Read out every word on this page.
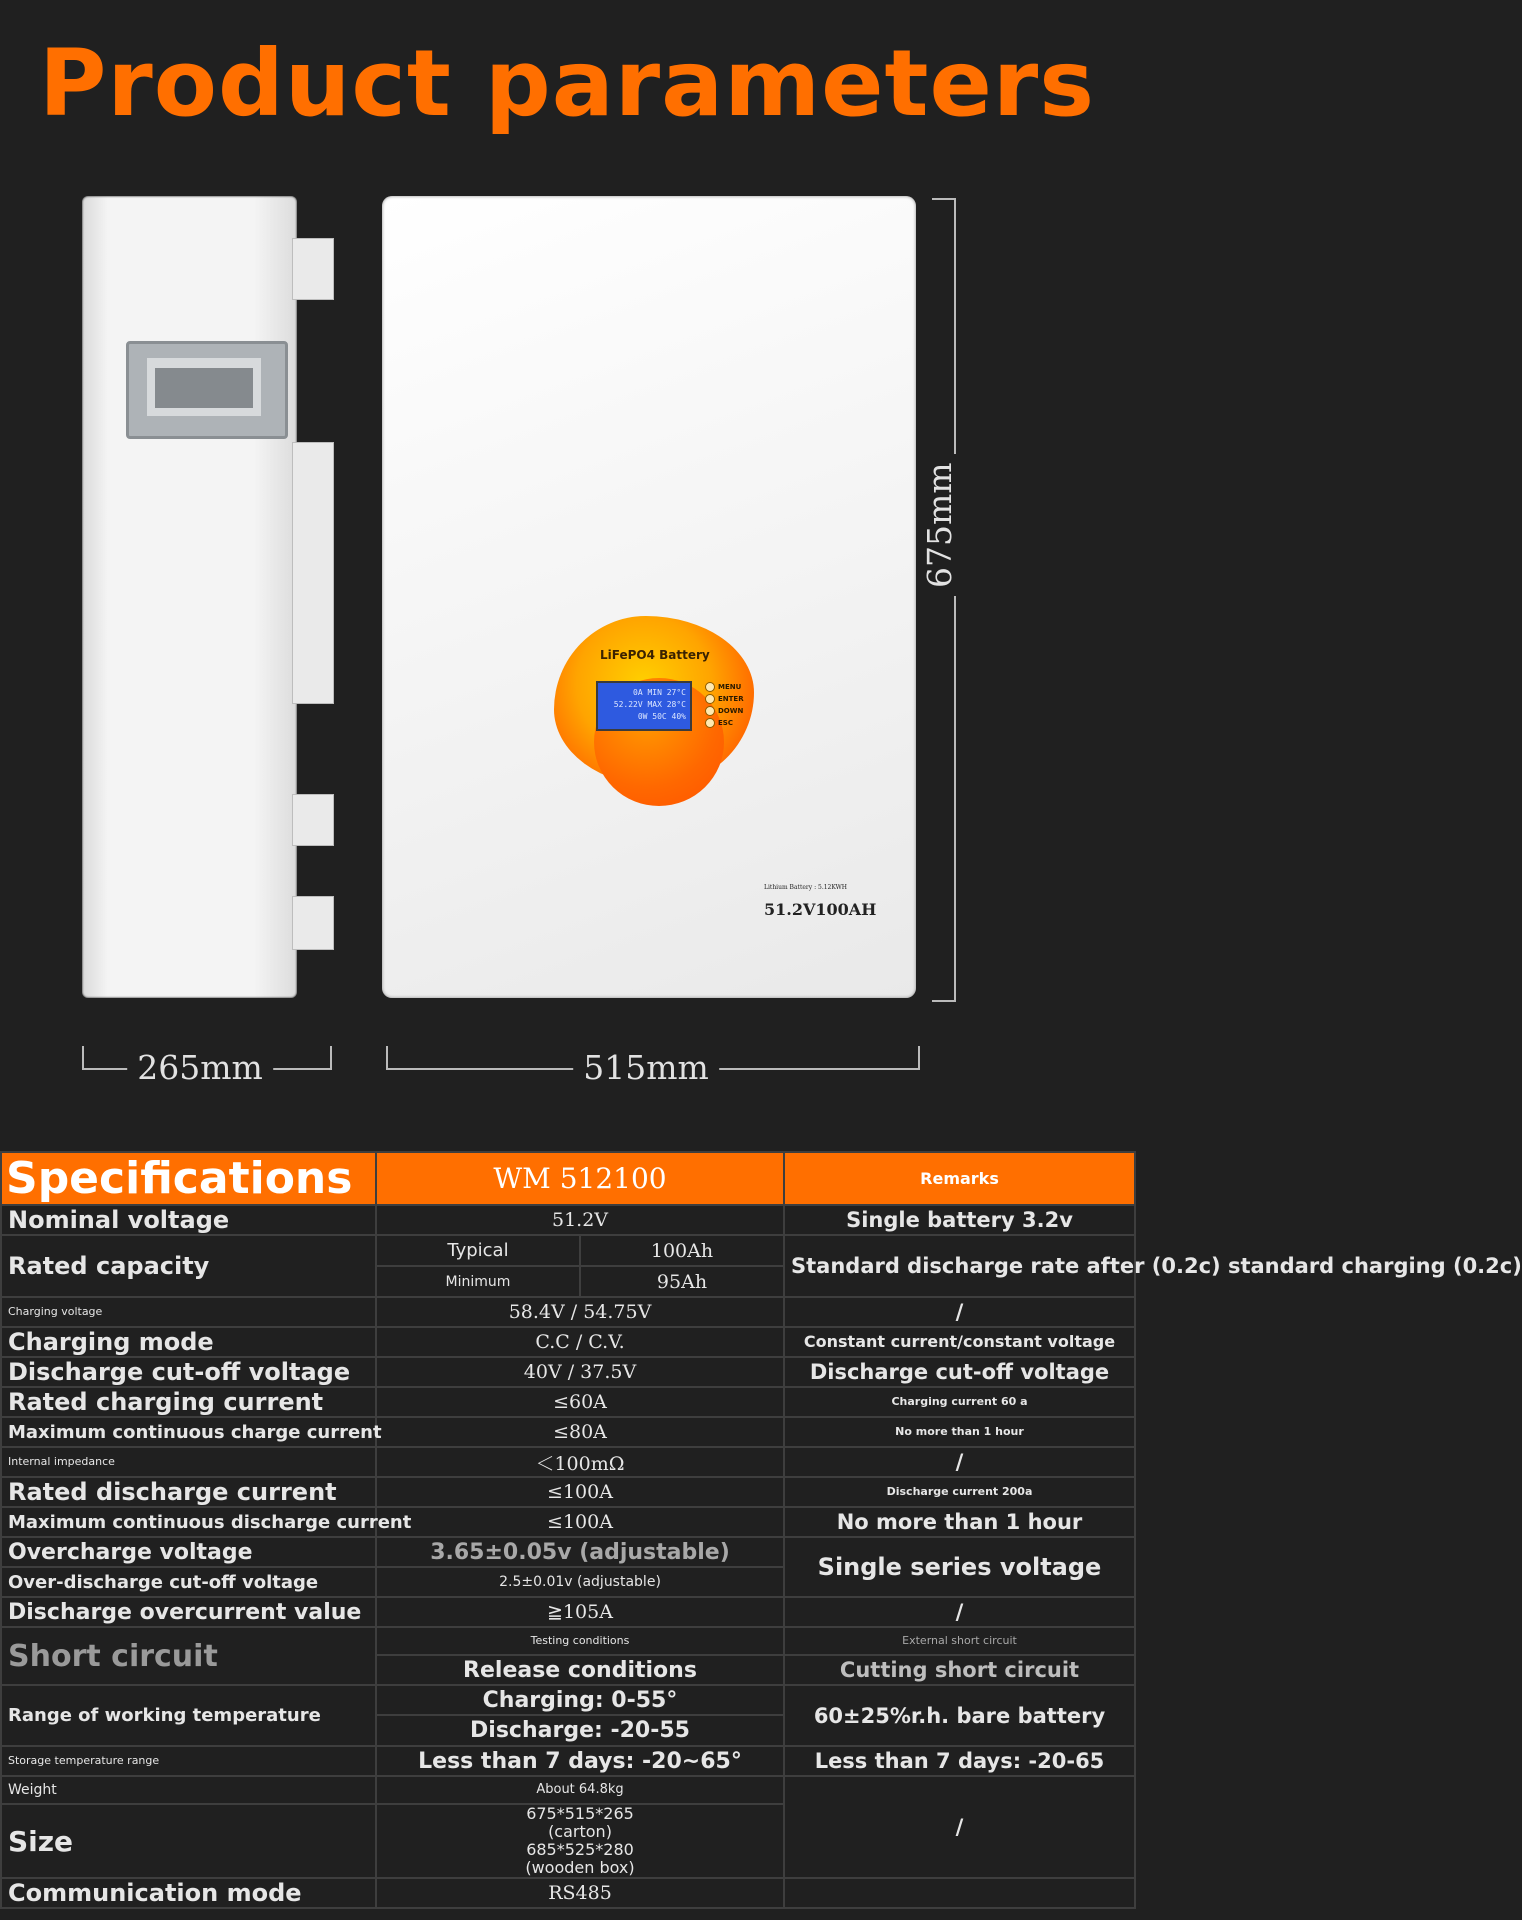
Product parameters
LiFePO4 Battery
0A MIN 27°C
52.22V MAX 28°C
0W 50C 40%
MENU
ENTER
DOWN
ESC
Lithium Battery : 5.12KWH
51.2V100AH
265mm	515mm
675mm
Specifications	WM 512100		Remarks
Nominal voltage	51.2V		Single battery 3.2v
Rated capacity	Typical	100Ah	Standard discharge rate after (0.2c) standard charging (0.2c)
	Minimum	95Ah	
Charging voltage	58.4V / 54.75V		/
Charging mode	C.C / C.V.		Constant current/constant voltage
Discharge cut-off voltage	40V / 37.5V		Discharge cut-off voltage
Rated charging current	≤60A		Charging current 60 a
Maximum continuous charge current	≤80A		No more than 1 hour
Internal impedance	＜100mΩ		/
Rated discharge current	≤100A		Discharge current 200a
Maximum continuous discharge current	≤100A		No more than 1 hour
Overcharge voltage	3.65±0.05v (adjustable)		Single series voltage
Over-discharge cut-off voltage	2.5±0.01v (adjustable)		
Discharge overcurrent value	≧105A		/
Short circuit	Testing conditions		External short circuit
	Release conditions		Cutting short circuit
Range of working temperature	Charging: 0-55°		60±25%r.h. bare battery
	Discharge: -20-55		
Storage temperature range	Less than 7 days: -20~65°		Less than 7 days: -20-65
Weight	About 64.8kg		/
Size	675*515*265 (carton) 685*525*280 (wooden box)		
Communication mode	RS485		
